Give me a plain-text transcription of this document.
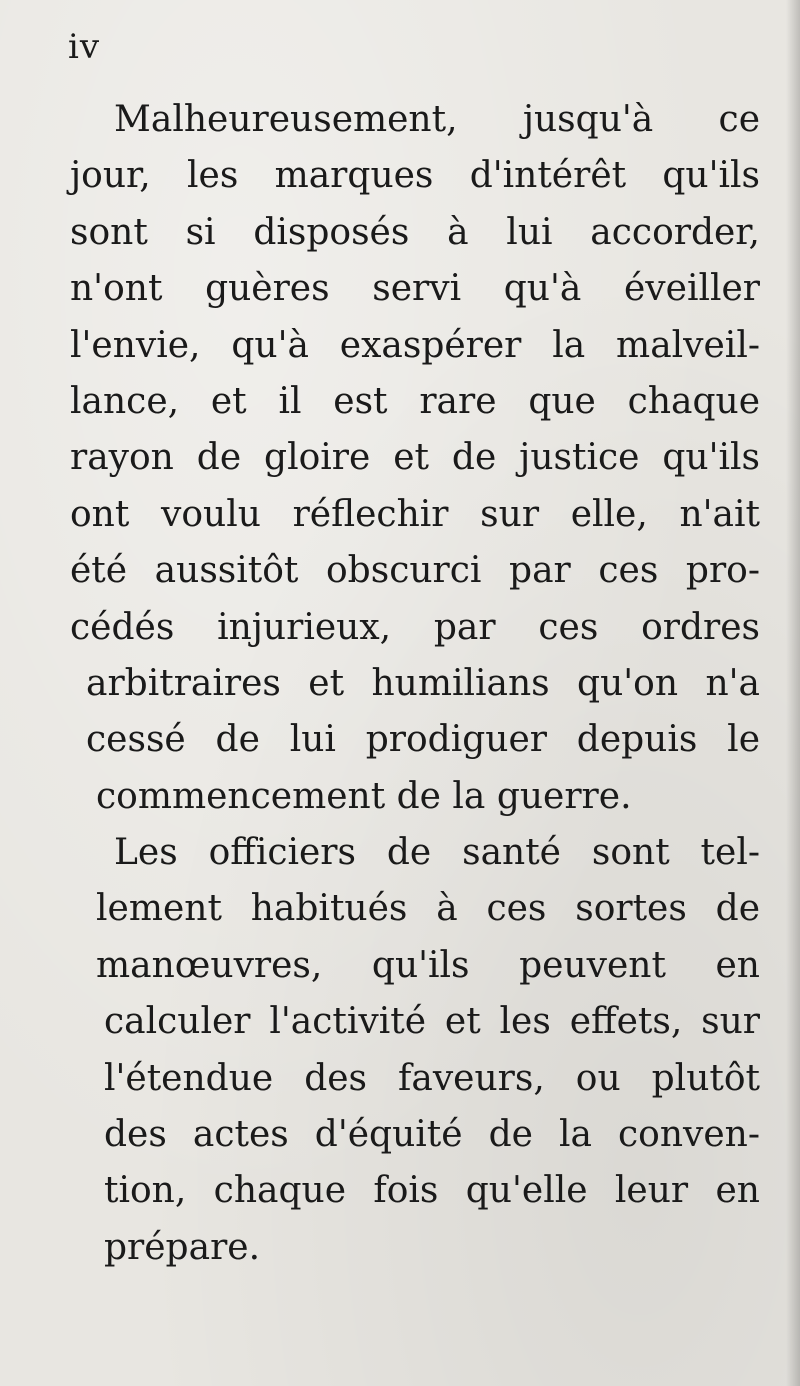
iv
Malheureusement, jusqu'à ce
jour, les marques d'intérêt qu'ils
sont si disposés à lui accorder,
n'ont guères servi qu'à éveiller
l'envie, qu'à exaspérer la malveil-
lance, et il est rare que chaque
rayon de gloire et de justice qu'ils
ont voulu réflechir sur elle, n'ait
été aussitôt obscurci par ces pro-
cédés injurieux, par ces ordres
arbitraires et humilians qu'on n'a
cessé de lui prodiguer depuis le
commencement de la guerre.
Les officiers de santé sont tel-
lement habitués à ces sortes de
manœuvres, qu'ils peuvent en
calculer l'activité et les effets, sur
l'étendue des faveurs, ou plutôt
des actes d'équité de la conven-
tion, chaque fois qu'elle leur en
prépare.
